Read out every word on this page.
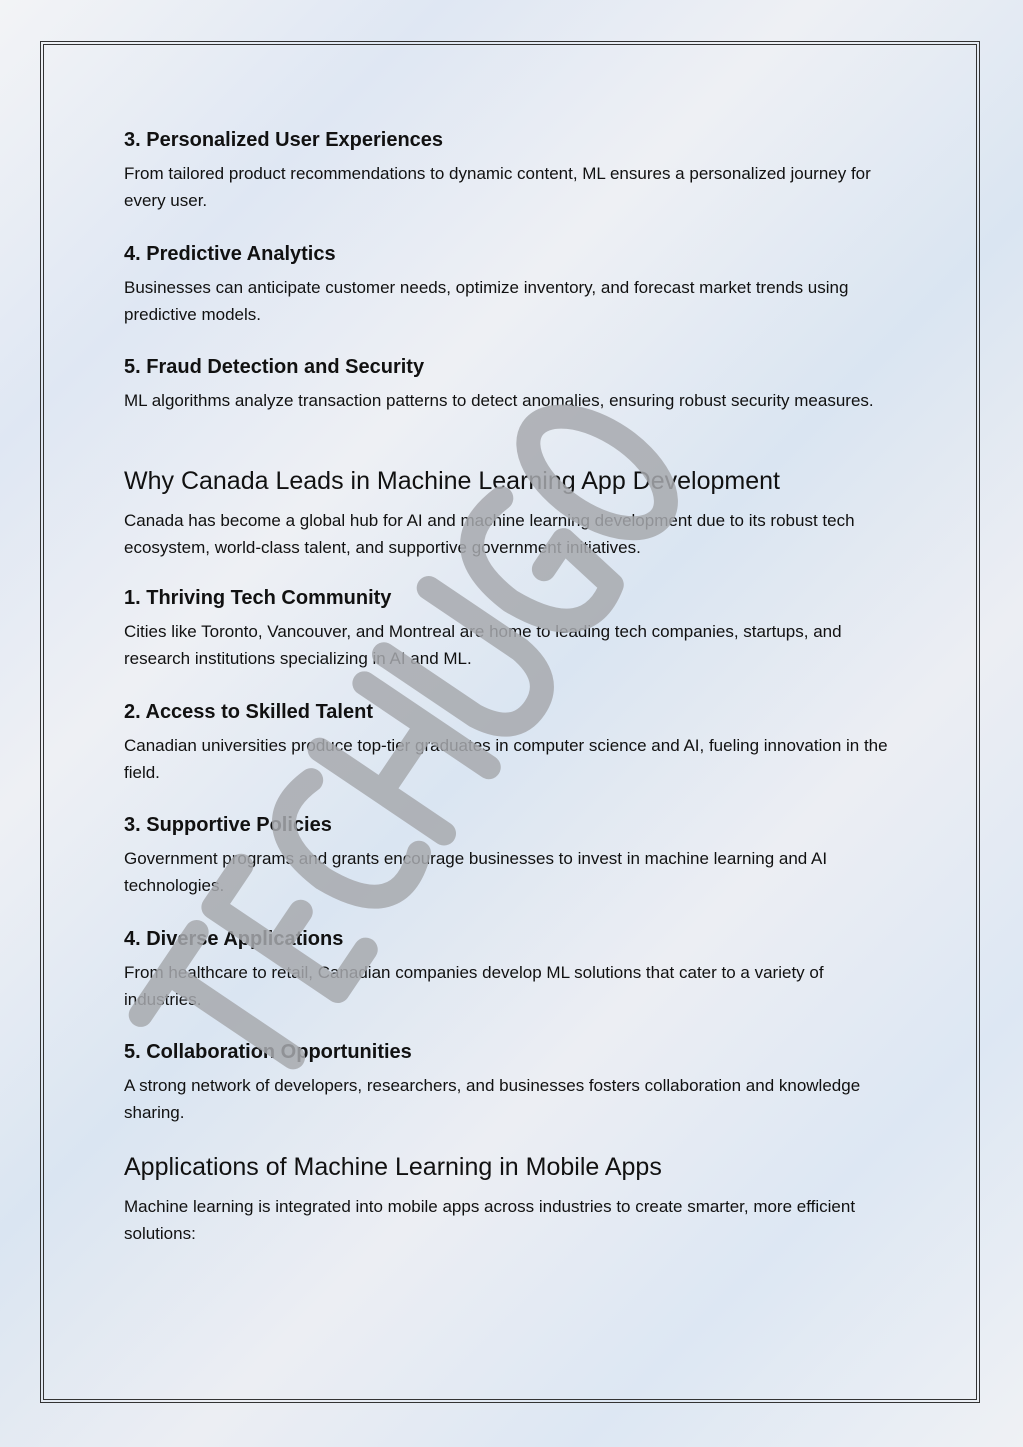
3. Personalized User Experiences

From tailored product recommendations to dynamic content, ML ensures a personalized journey for every user.

4. Predictive Analytics

Businesses can anticipate customer needs, optimize inventory, and forecast market trends using predictive models.

5. Fraud Detection and Security

ML algorithms analyze transaction patterns to detect anomalies, ensuring robust security measures.

Why Canada Leads in Machine Learning App Development

Canada has become a global hub for AI and machine learning development due to its robust tech ecosystem, world-class talent, and supportive government initiatives.

1. Thriving Tech Community

Cities like Toronto, Vancouver, and Montreal are home to leading tech companies, startups, and research institutions specializing in AI and ML.

2. Access to Skilled Talent

Canadian universities produce top-tier graduates in computer science and AI, fueling innovation in the field.

3. Supportive Policies

Government programs and grants encourage businesses to invest in machine learning and AI technologies.

4. Diverse Applications

From healthcare to retail, Canadian companies develop ML solutions that cater to a variety of industries.

5. Collaboration Opportunities

A strong network of developers, researchers, and businesses fosters collaboration and knowledge sharing.

Applications of Machine Learning in Mobile Apps

Machine learning is integrated into mobile apps across industries to create smarter, more efficient solutions:
